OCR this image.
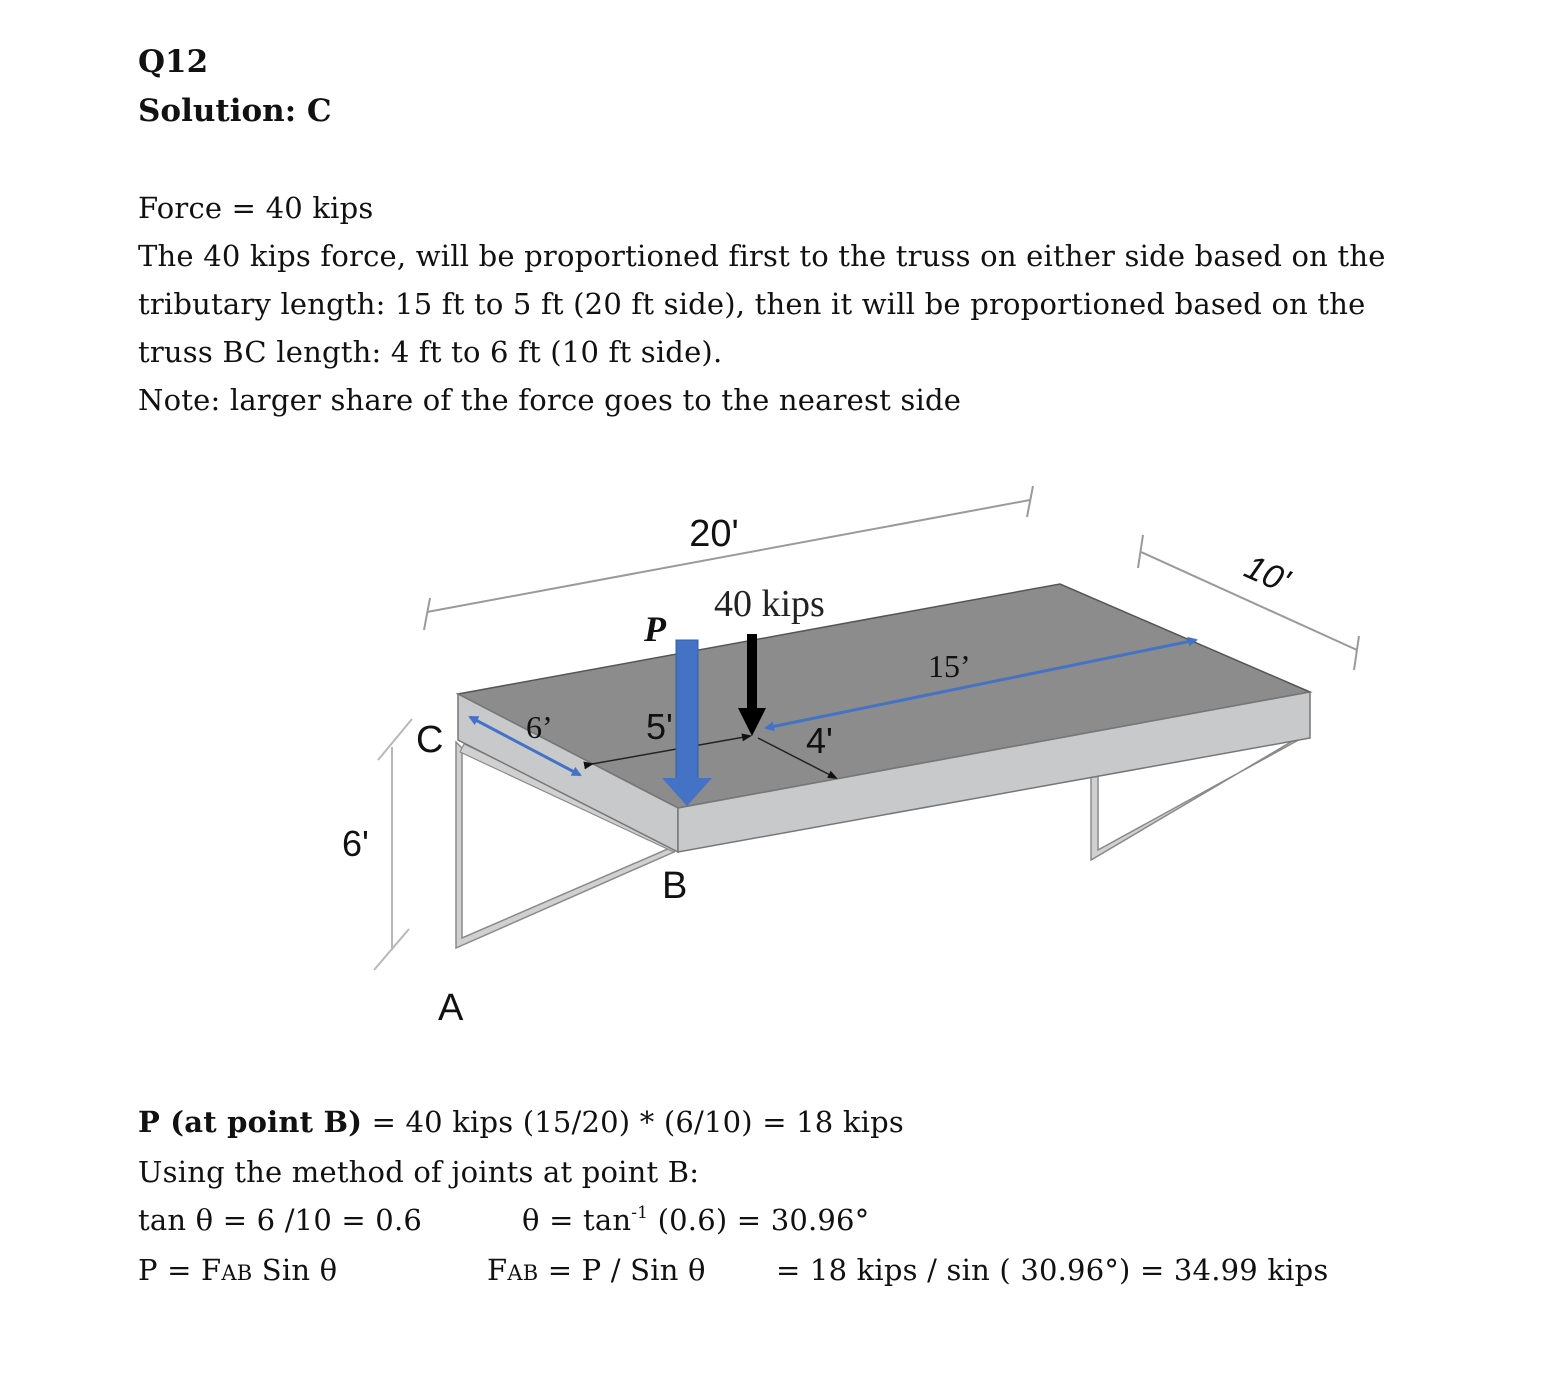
Q12
Solution: C
Force = 40 kips
The 40 kips force, will be proportioned first to the truss on either side based on the
tributary length: 15 ft to 5 ft (20 ft side), then it will be proportioned based on the
truss BC length: 4 ft to 6 ft (10 ft side).
Note: larger share of the force goes to the nearest side
20'
10'
6'
40 kips
P
15’
6’	5'	4'
C
B
A
P (at point B) = 40 kips (15/20) * (6/10) = 18 kips
Using the method of joints at point B:
tan θ = 6 /10 = 0.6	$\theta = \tan^{-1} (0.6) = 30.96^\circ$
P = FAB Sin θ	FAB = P / Sin θ = 18 kips / sin ( 30.96°) = 34.99 kips
